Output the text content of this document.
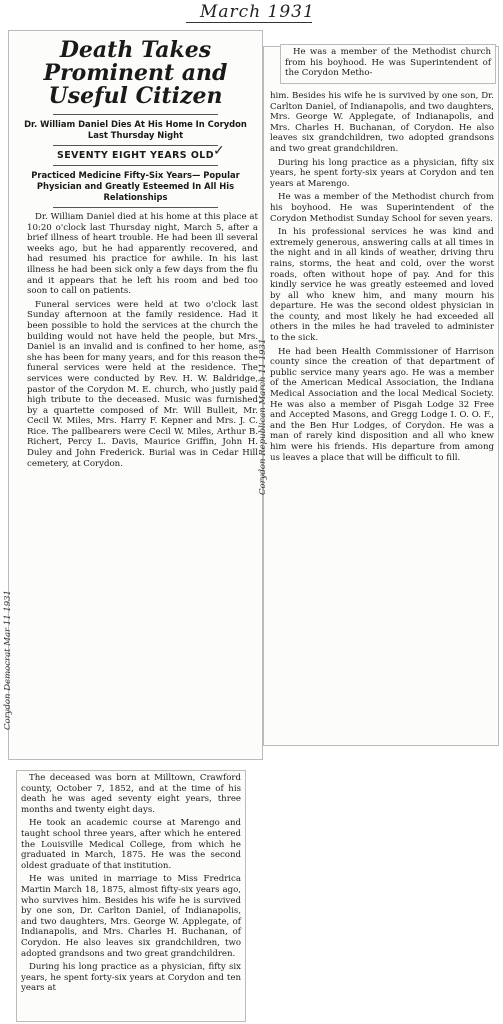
March 1931
Death Takes Prominent and Useful Citizen
Dr. William Daniel Dies At His Home In Corydon Last Thursday Night
SEVENTY EIGHT YEARS OLD
Practiced Medicine Fifty-Six Years— Popular Physician and Greatly Esteemed In All His Relationships

Dr. William Daniel died at his home at this place at 10:20 o'clock last Thursday night, March 5, after a brief illness of heart trouble. He had been ill several weeks ago, but he had apparently recovered, and had resumed his practice for awhile. In his last illness he had been sick only a few days from the flu and it appears that he left his room and bed too soon to call on patients.

Funeral services were held at two o'clock last Sunday afternoon at the family residence. Had it been possible to hold the services at the church the building would not have held the people, but Mrs. Daniel is an invalid and is confined to her home, as she has been for many years, and for this reason the funeral services were held at the residence. The services were conducted by Rev. H. W. Baldridge, pastor of the Corydon M. E. church, who justly paid high tribute to the deceased. Music was furnished by a quartette composed of Mr. Will Bulleit, Mr. Cecil W. Miles, Mrs. Harry F. Kepner and Mrs. J. C. Rice. The pallbearers were Cecil W. Miles, Arthur B. Richert, Percy L. Davis, Maurice Griffin, John H. Duley and John Frederick. Burial was in Cedar Hill cemetery, at Corydon.

✓
Corydon Democrat Mar 11 1931

The deceased was born at Milltown, Crawford county, October 7, 1852, and at the time of his death he was aged seventy eight years, three months and twenty eight days.

He took an academic course at Marengo and taught school three years, after which he entered the Louisville Medical College, from which he graduated in March, 1875. He was the second oldest graduate of that institution.

He was united in marriage to Miss Fredrica Martin March 18, 1875, almost fifty-six years ago, who survives him. Besides his wife he is survived by one son, Dr. Carlton Daniel, of Indianapolis, and two daughters, Mrs. George W. Applegate, of Indianapolis, and Mrs. Charles H. Buchanan, of Corydon. He also leaves six grandchildren, two adopted grandsons and two great grandchildren.

During his long practice as a physician, fifty six years, he spent forty-six years at Corydon and ten years at

him. Besides his wife he is survived by one son, Dr. Carlton Daniel, of Indianapolis, and two daughters, Mrs. George W. Applegate, of Indianapolis, and Mrs. Charles H. Buchanan, of Corydon. He also leaves six grandchildren, two adopted grandsons and two great grandchildren.

During his long practice as a physician, fifty six years, he spent forty-six years at Corydon and ten years at Marengo.

He was a member of the Methodist church from his boyhood. He was Superintendent of the Corydon Methodist Sunday School for seven years.

In his professional services he was kind and extremely generous, answering calls at all times in the night and in all kinds of weather, driving thru rains, storms, the heat and cold, over the worst roads, often without hope of pay. And for this kindly service he was greatly esteemed and loved by all who knew him, and many mourn his departure. He was the second oldest physician in the county, and most likely he had exceeded all others in the miles he had traveled to administer to the sick.

He had been Health Commissioner of Harrison county since the creation of that department of public service many years ago. He was a member of the American Medical Association, the Indiana Medical Association and the local Medical Society. He was also a member of Pisgah Lodge 32 Free and Accepted Masons, and Gregg Lodge I. O. O. F., and the Ben Hur Lodges, of Corydon. He was a man of rarely kind disposition and all who knew him were his friends. His departure from among us leaves a place that will be difficult to fill.

He was a member of the Methodist church from his boyhood. He was Superintendent of the Corydon Metho-

Corydon Republican March 11 1931
